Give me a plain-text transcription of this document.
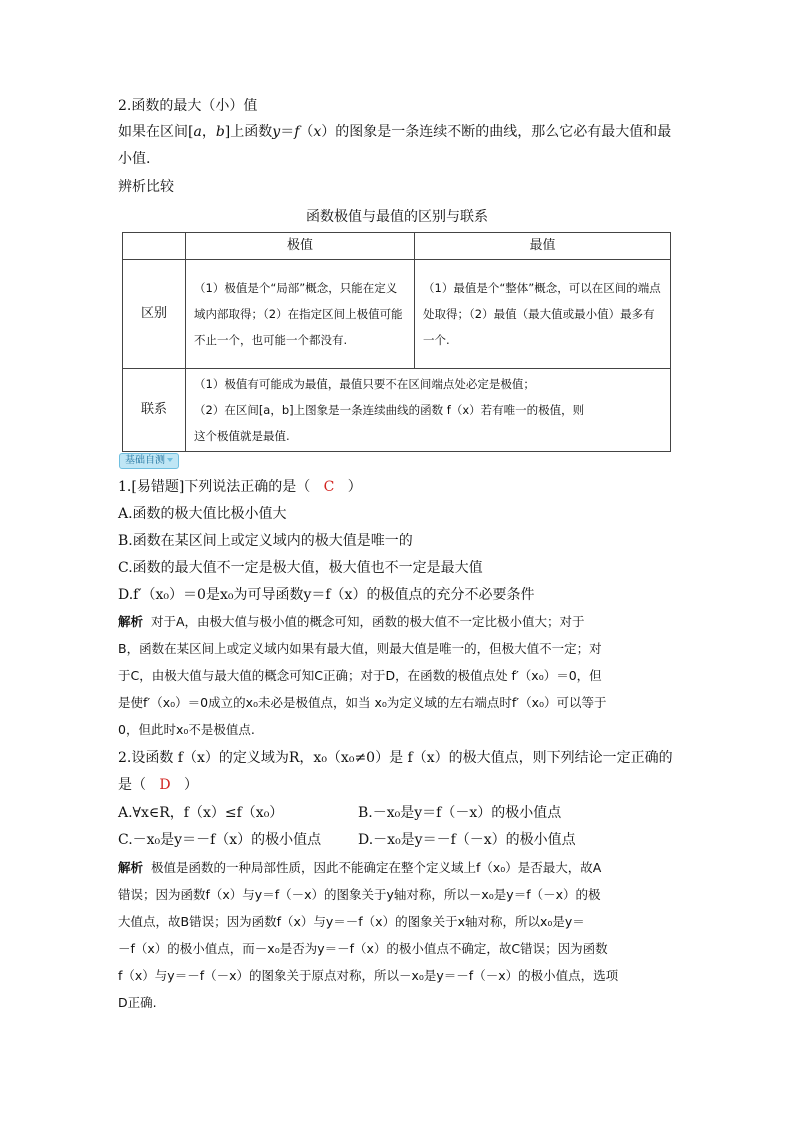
2.函数的最大（小）值
如果在区间[a，b]上函数y＝f（x）的图象是一条连续不断的曲线，那么它必有最大值和最
小值.
辨析比较
函数极值与最值的区别与联系
	极值	最值
区别	（1）极值是个“局部”概念，只能在定义域内部取得；（2）在指定区间上极值可能不止一个，也可能一个都没有.	（1）最值是个“整体”概念，可以在区间的端点处取得；（2）最值（最大值或最小值）最多有一个.
联系	（1）极值有可能成为最值，最值只要不在区间端点处必定是极值；
（2）在区间[a，b]上图象是一条连续曲线的函数 f（x）若有唯一的极值，则
这个极值就是最值.	
基础自测
1.[易错题]下列说法正确的是（ C ）
A.函数的极大值比极小值大
B.函数在某区间上或定义域内的极大值是唯一的
C.函数的最大值不一定是极大值，极大值也不一定是最大值
D.f′（x₀）＝0是x₀为可导函数y＝f（x）的极值点的充分不必要条件
解析 对于A，由极大值与极小值的概念可知，函数的极大值不一定比极小值大；对于
B，函数在某区间上或定义域内如果有最大值，则最大值是唯一的，但极大值不一定；对
于C，由极大值与最大值的概念可知C正确；对于D，在函数的极值点处 f′（x₀）＝0，但
是使f′（x₀）＝0成立的x₀未必是极值点，如当 x₀为定义域的左右端点时f′（x₀）可以等于
0，但此时x₀不是极值点.
2.设函数 f（x）的定义域为R，x₀（x₀≠0）是 f（x）的极大值点，则下列结论一定正确的
是（ D ）
A.∀x∈R，f（x）≤f（x₀）	B.－x₀是y＝f（－x）的极小值点
C.－x₀是y＝－f（x）的极小值点	D.－x₀是y＝－f（－x）的极小值点
解析 极值是函数的一种局部性质，因此不能确定在整个定义域上f（x₀）是否最大，故A
错误；因为函数f（x）与y＝f（－x）的图象关于y轴对称，所以－x₀是y＝f（－x）的极
大值点，故B错误；因为函数f（x）与y＝－f（x）的图象关于x轴对称，所以x₀是y＝
－f（x）的极小值点，而－x₀是否为y＝－f（x）的极小值点不确定，故C错误；因为函数
f（x）与y＝－f（－x）的图象关于原点对称，所以－x₀是y＝－f（－x）的极小值点，选项
D正确.
